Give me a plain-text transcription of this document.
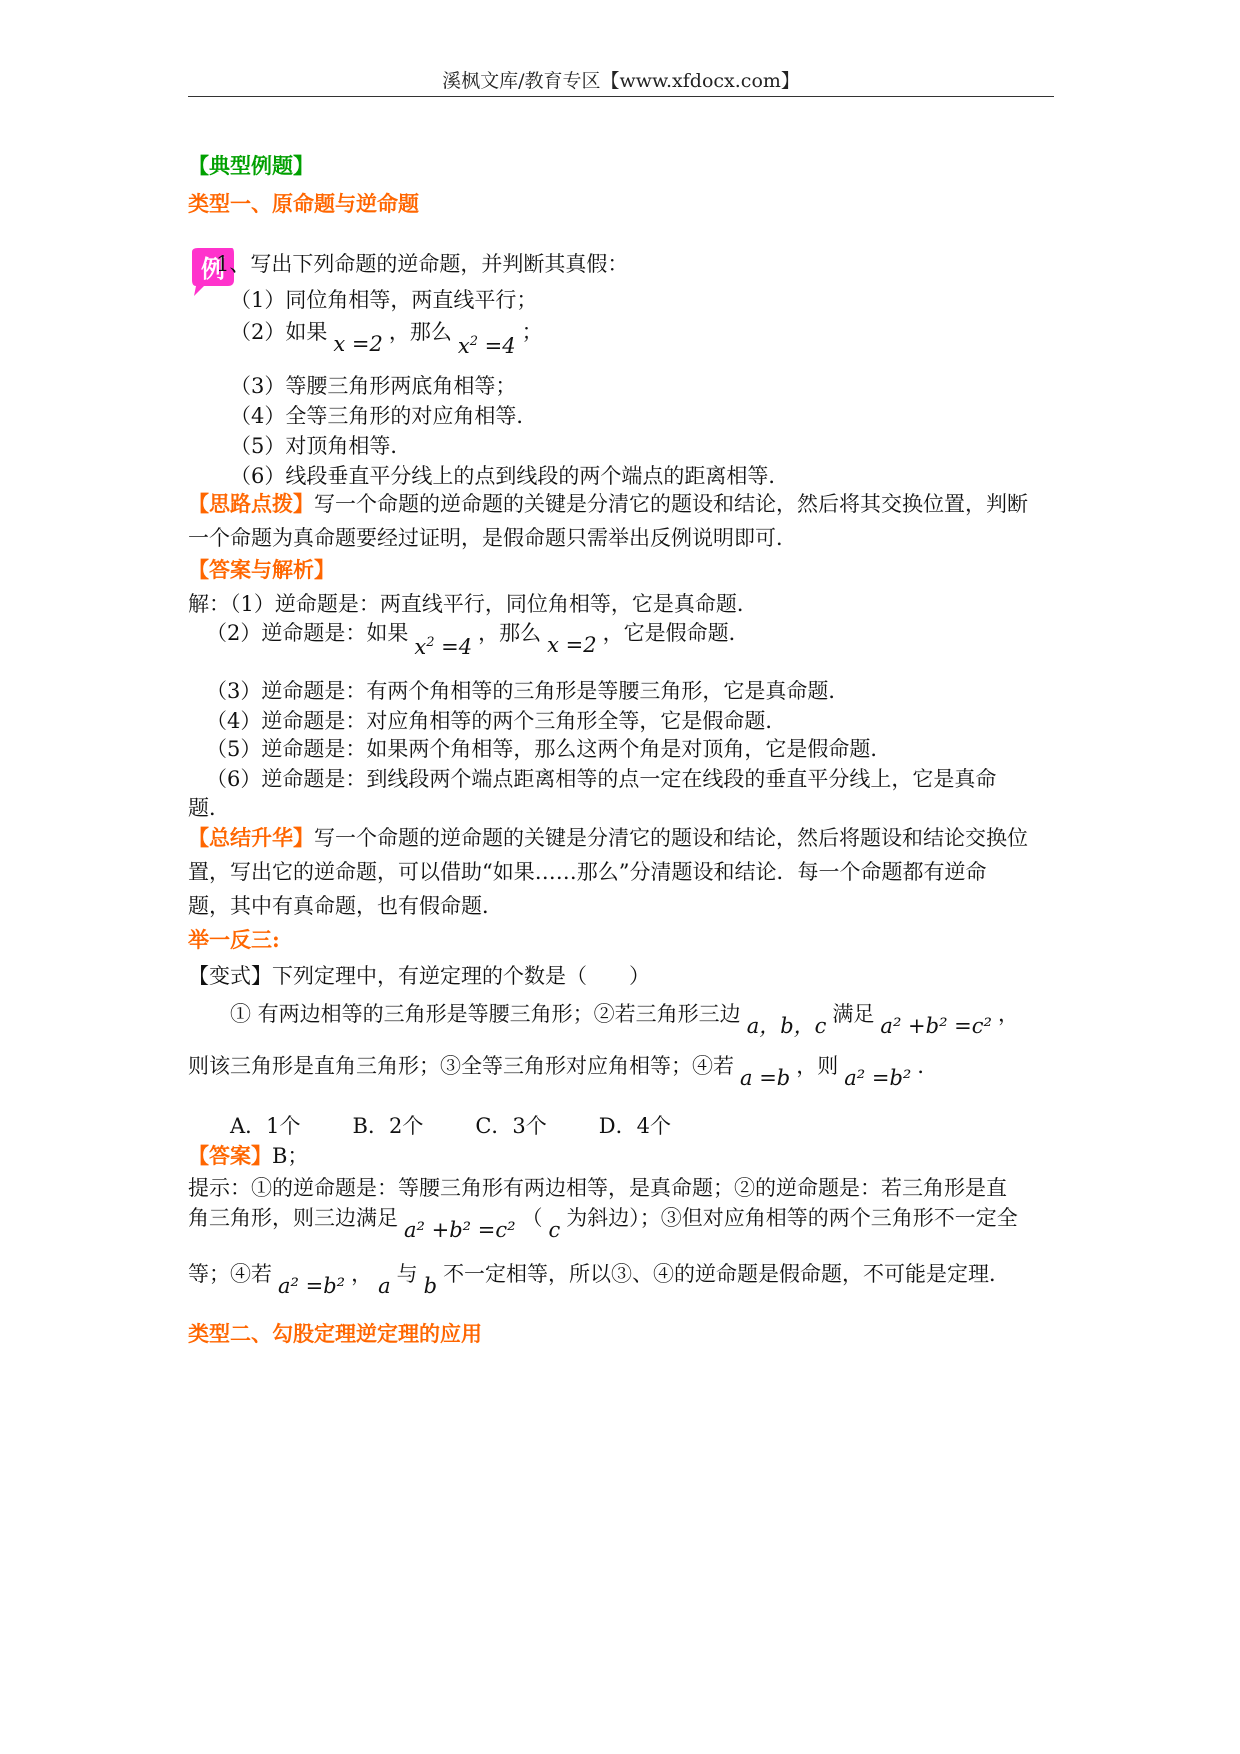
溪枫文库/教育专区【www.xfdocx.com】
【典型例题】
类型一、原命题与逆命题
例
1、写出下列命题的逆命题，并判断其真假：
（1）同位角相等，两直线平行；
（2）如果 x =2 ，那么$x^2 =4$；
（3）等腰三角形两底角相等；
（4）全等三角形的对应角相等．
（5）对顶角相等．
（6）线段垂直平分线上的点到线段的两个端点的距离相等．
【思路点拨】写一个命题的逆命题的关键是分清它的题设和结论，然后将其交换位置，判断
一个命题为真命题要经过证明，是假命题只需举出反例说明即可．
【答案与解析】
解：（1）逆命题是：两直线平行，同位角相等，它是真命题．
（2）逆命题是：如果$x^2 =4$，那么 x =2 ，它是假命题．
（3）逆命题是：有两个角相等的三角形是等腰三角形，它是真命题．
（4）逆命题是：对应角相等的两个三角形全等，它是假命题．
（5）逆命题是：如果两个角相等，那么这两个角是对顶角，它是假命题．
（6）逆命题是：到线段两个端点距离相等的点一定在线段的垂直平分线上，它是真命
题．
【总结升华】写一个命题的逆命题的关键是分清它的题设和结论，然后将题设和结论交换位
置，写出它的逆命题，可以借助“如果……那么”分清题设和结论．每一个命题都有逆命
题，其中有真命题，也有假命题．
举一反三:
【变式】下列定理中，有逆定理的个数是（　　）
① 有两边相等的三角形是等腰三角形；②若三角形三边 a，b，c 满足 a² +b² =c² ，
则该三角形是直角三角形；③全等三角形对应角相等；④若 a =b ，则 a² =b² ．
A．1个 B．2个 C．3个 D．4个
【答案】B；
提示：①的逆命题是：等腰三角形有两边相等，是真命题；②的逆命题是：若三角形是直
角三角形，则三边满足 a² +b² =c² （ c 为斜边）；③但对应角相等的两个三角形不一定全
等；④若 a² =b² ， a 与 b 不一定相等，所以③、④的逆命题是假命题，不可能是定理．
类型二、勾股定理逆定理的应用
